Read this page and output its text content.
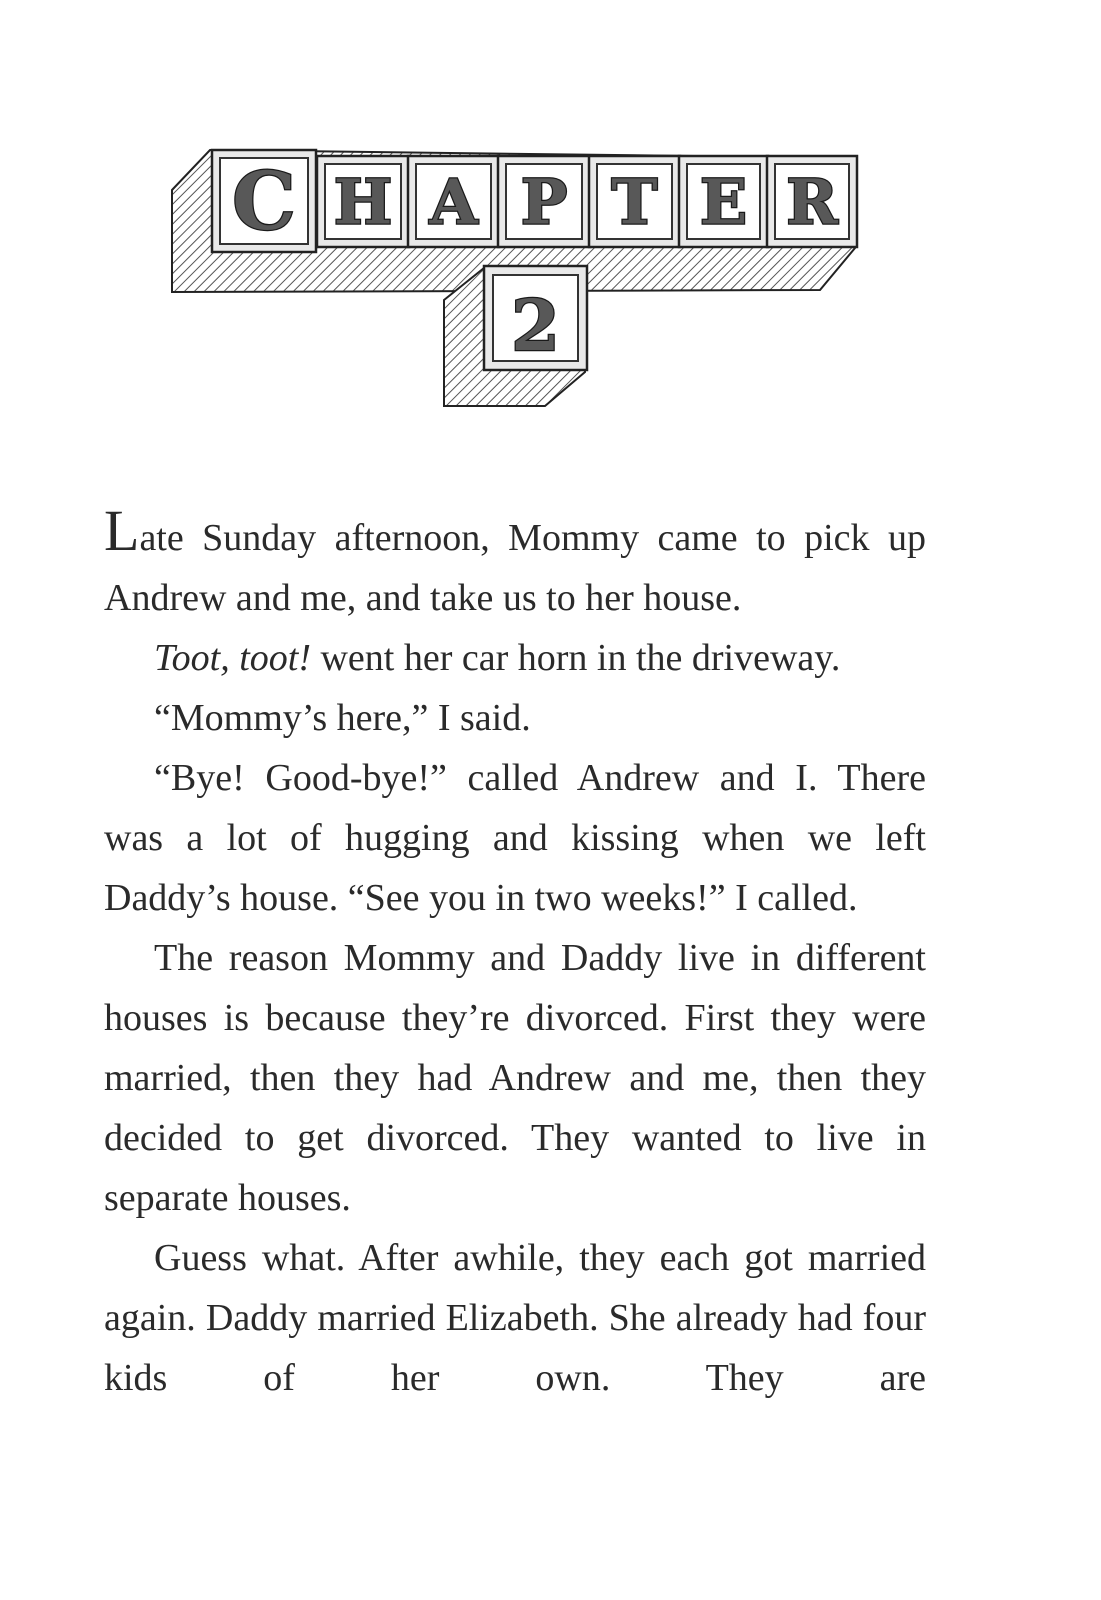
C H A P T E R
2

Late Sunday afternoon, Mommy came to pick up Andrew and me, and take us to her house.

Toot, toot! went her car horn in the driveway.

“Mommy’s here,” I said.

“Bye! Good-bye!” called Andrew and I. There was a lot of hugging and kissing when we left Daddy’s house. “See you in two weeks!” I called.

The reason Mommy and Daddy live in different houses is because they’re divorced. First they were married, then they had Andrew and me, then they decided to get divorced. They wanted to live in separate houses.

Guess what. After awhile, they each got married again. Daddy married Elizabeth. She already had four kids of her own. They are
